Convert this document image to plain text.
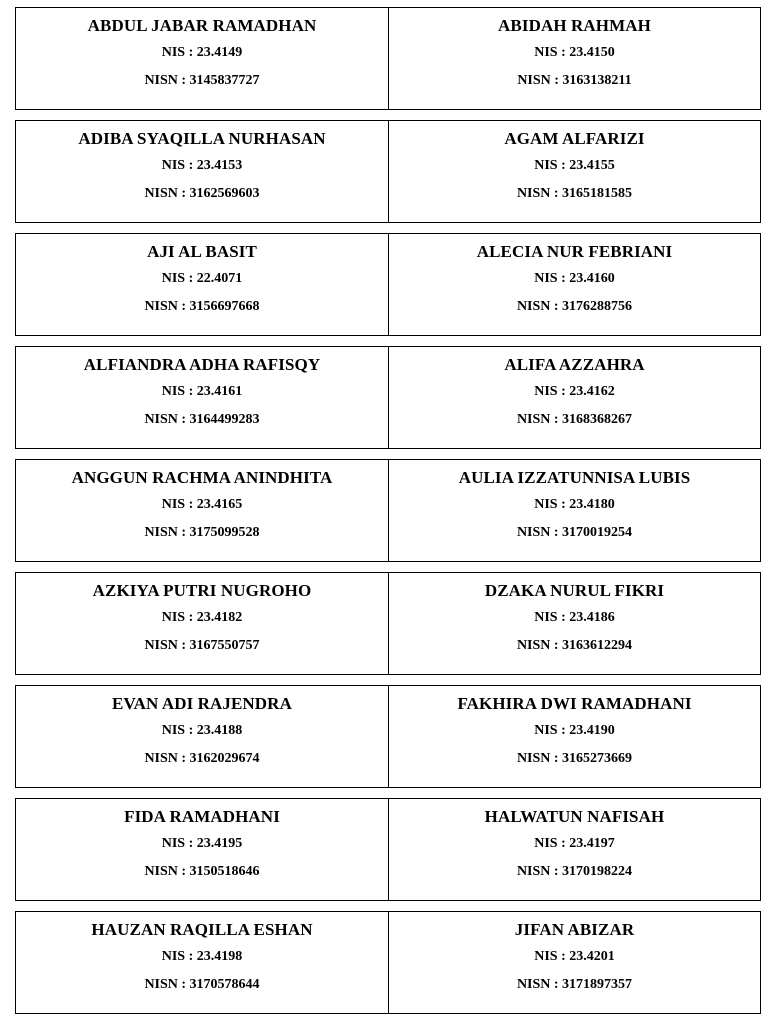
ABDUL JABAR RAMADHAN
NIS : 23.4149
NISN : 3145837727
ABIDAH RAHMAH
NIS : 23.4150
NISN : 3163138211
ADIBA SYAQILLA NURHASAN
NIS : 23.4153
NISN : 3162569603
AGAM ALFARIZI
NIS : 23.4155
NISN : 3165181585
AJI AL BASIT
NIS : 22.4071
NISN : 3156697668
ALECIA NUR FEBRIANI
NIS : 23.4160
NISN : 3176288756
ALFIANDRA ADHA RAFISQY
NIS : 23.4161
NISN : 3164499283
ALIFA AZZAHRA
NIS : 23.4162
NISN : 3168368267
ANGGUN RACHMA ANINDHITA
NIS : 23.4165
NISN : 3175099528
AULIA IZZATUNNISA LUBIS
NIS : 23.4180
NISN : 3170019254
AZKIYA PUTRI NUGROHO
NIS : 23.4182
NISN : 3167550757
DZAKA NURUL FIKRI
NIS : 23.4186
NISN : 3163612294
EVAN ADI RAJENDRA
NIS : 23.4188
NISN : 3162029674
FAKHIRA DWI RAMADHANI
NIS : 23.4190
NISN : 3165273669
FIDA RAMADHANI
NIS : 23.4195
NISN : 3150518646
HALWATUN NAFISAH
NIS : 23.4197
NISN : 3170198224
HAUZAN RAQILLA ESHAN
NIS : 23.4198
NISN : 3170578644
JIFAN ABIZAR
NIS : 23.4201
NISN : 3171897357
